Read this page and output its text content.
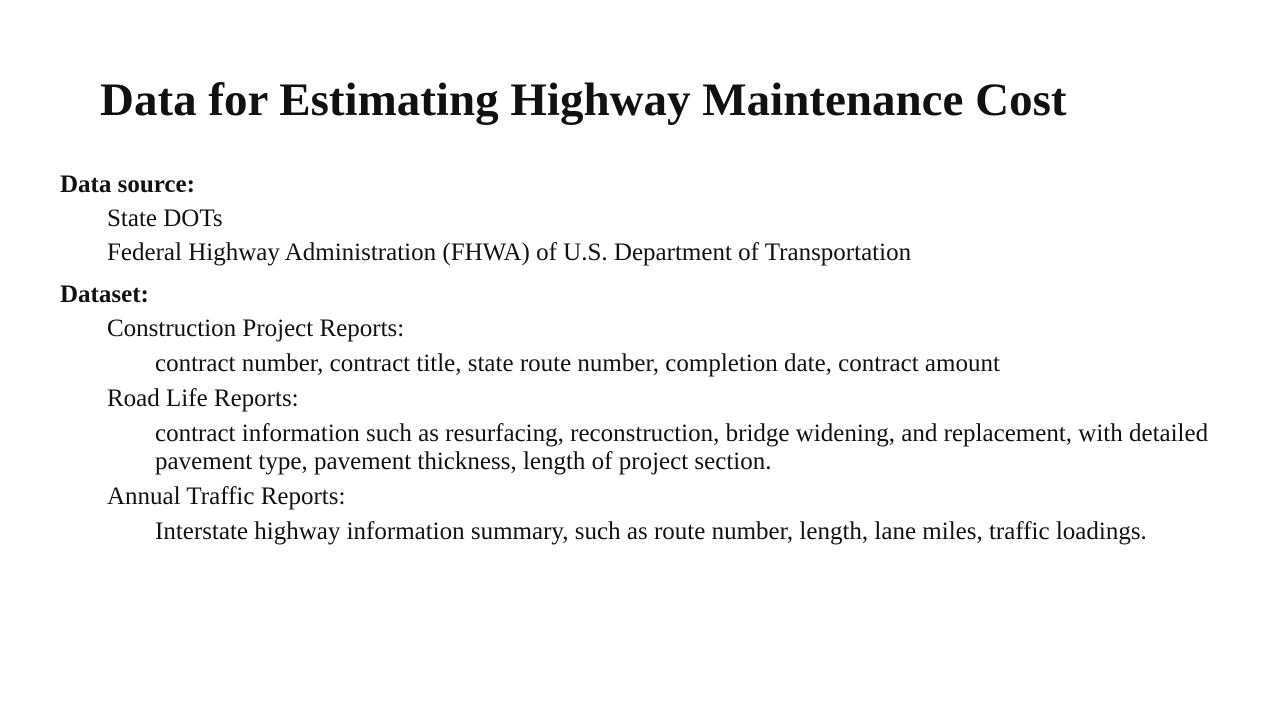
Data for Estimating Highway Maintenance Cost
Data source:
State DOTs
Federal Highway Administration (FHWA) of U.S. Department of Transportation
Dataset:
Construction Project Reports:
contract number, contract title, state route number, completion date, contract amount
Road Life Reports:
contract information such as resurfacing, reconstruction, bridge widening, and replacement, with detailed pavement type, pavement thickness, length of project section.
Annual Traffic Reports:
Interstate highway information summary, such as route number, length, lane miles, traffic loadings.
